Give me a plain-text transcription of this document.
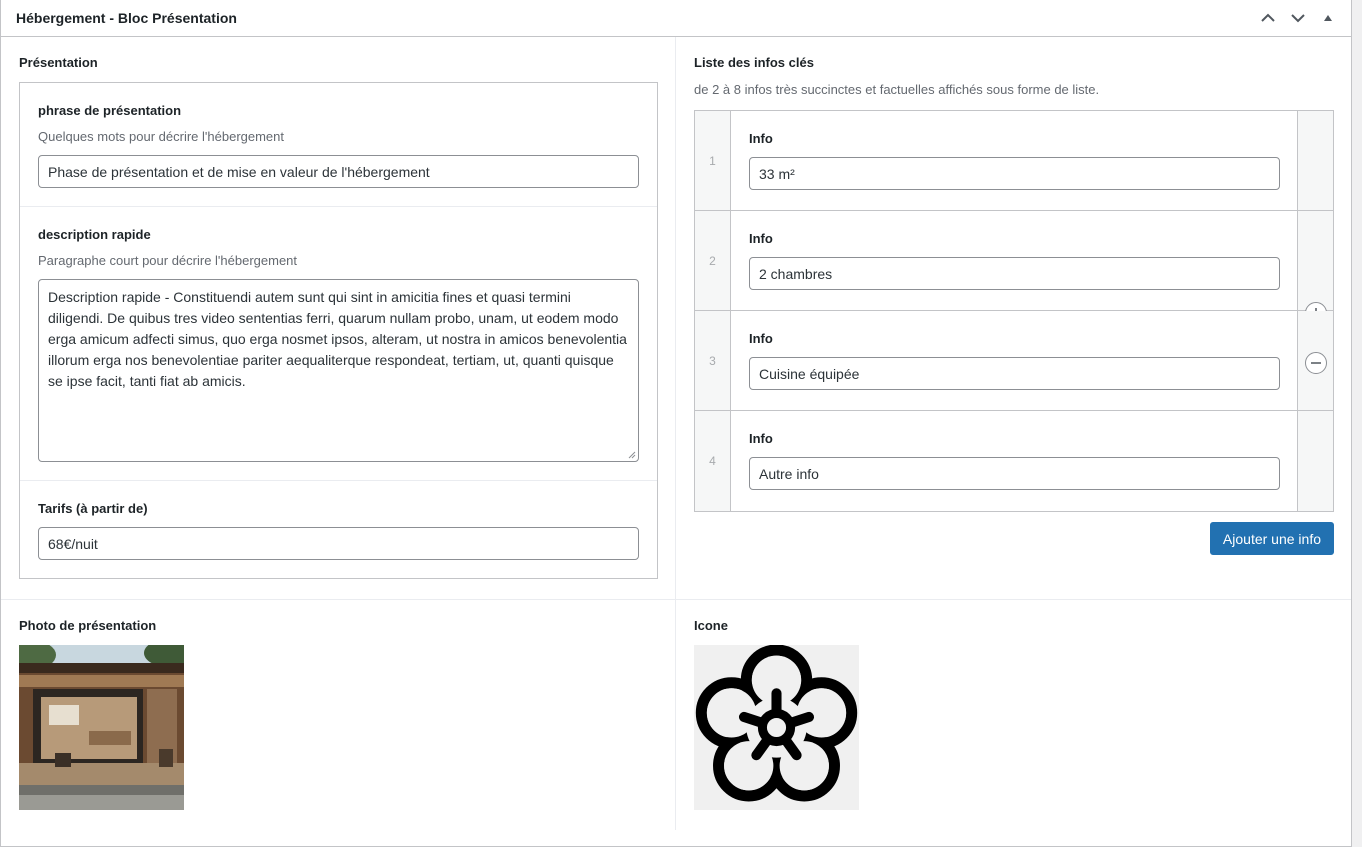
Hébergement - Bloc Présentation
Présentation
phrase de présentation
Quelques mots pour décrire l'hébergement
Phase de présentation et de mise en valeur de l'hébergement
description rapide
Paragraphe court pour décrire l'hébergement
Description rapide - Constituendi autem sunt qui sint in amicitia fines et quasi termini diligendi. De quibus tres video sententias ferri, quarum nullam probo, unam, ut eodem modo erga amicum adfecti simus, quo erga nosmet ipsos, alteram, ut nostra in amicos benevolentia illorum erga nos benevolentiae pariter aequaliterque respondeat, tertiam, ut, quanti quisque se ipse facit, tanti fiat ab amicis.
Tarifs (à partir de)
68€/nuit
Liste des infos clés
de 2 à 8 infos très succinctes et factuelles affichés sous forme de liste.
1
Info
33 m²
2
Info
2 chambres
3
Info
Cuisine équipée
4
Info
Autre info
Ajouter une info
Photo de présentation	Icone
